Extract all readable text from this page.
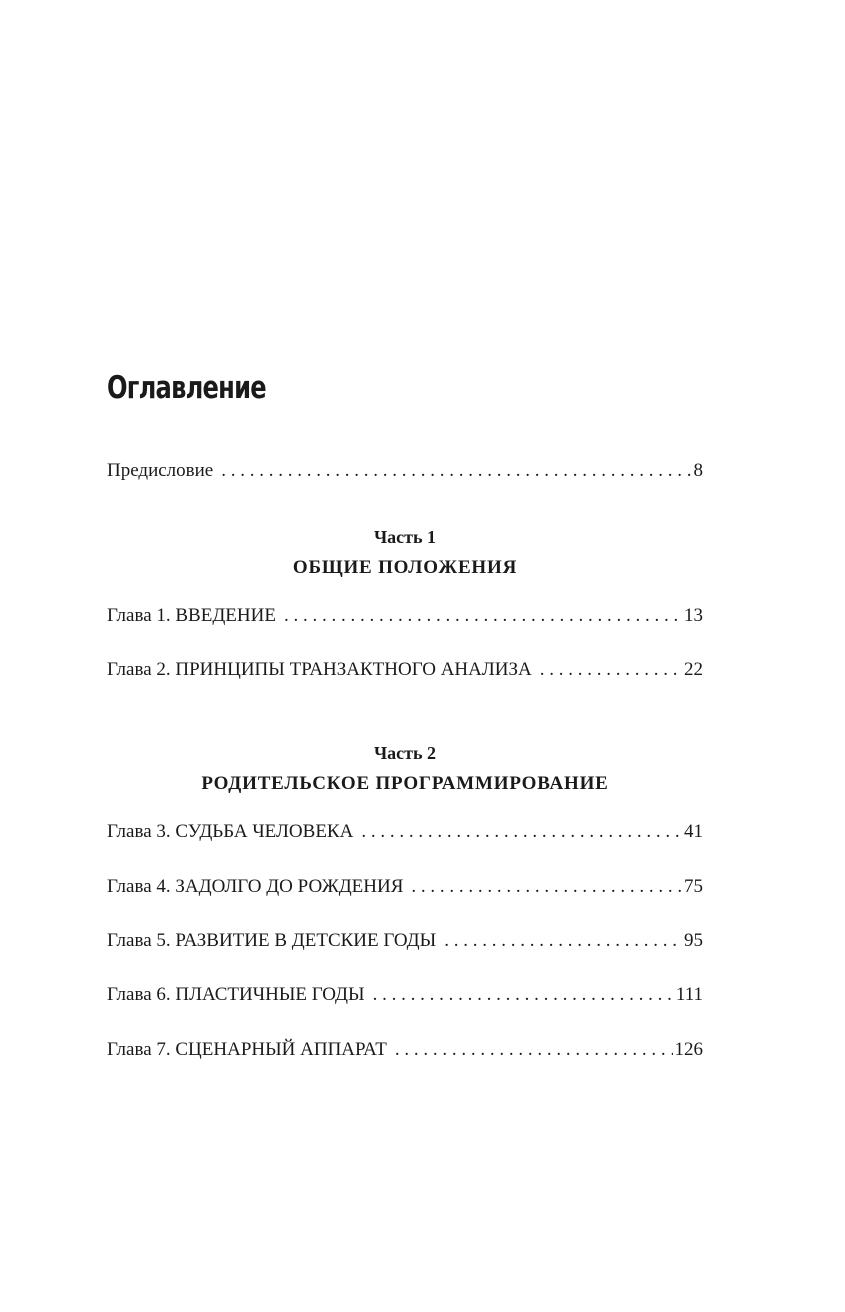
Оглавление
Предисловие . . .	8
Часть 1
ОБЩИЕ ПОЛОЖЕНИЯ
Глава 1. ВВЕДЕНИЕ . . .	13
Глава 2. ПРИНЦИПЫ ТРАНЗАКТНОГО АНАЛИЗА . . .	22
Часть 2
РОДИТЕЛЬСКОЕ ПРОГРАММИРОВАНИЕ
Глава 3. СУДЬБА ЧЕЛОВЕКА . . .	41
Глава 4. ЗАДОЛГО ДО РОЖДЕНИЯ . . .	75
Глава 5. РАЗВИТИЕ В ДЕТСКИЕ ГОДЫ . . .	95
Глава 6. ПЛАСТИЧНЫЕ ГОДЫ . . .	111
Глава 7. СЦЕНАРНЫЙ АППАРАТ . . .	126
